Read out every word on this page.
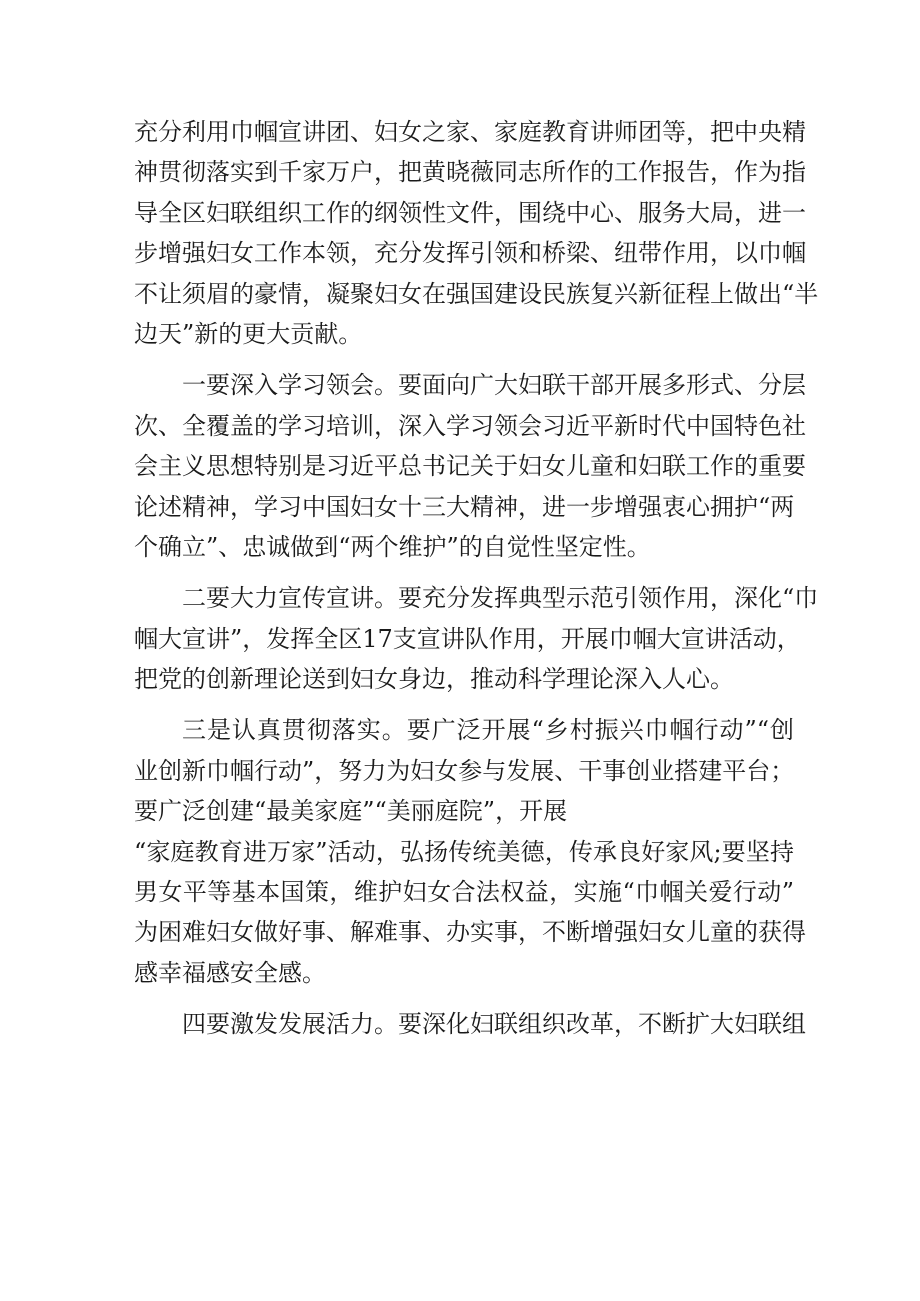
充分利用巾帼宣讲团、妇女之家、家庭教育讲师团等，把中央精
神贯彻落实到千家万户，把黄晓薇同志所作的工作报告，作为指
导全区妇联组织工作的纲领性文件，围绕中心、服务大局，进一
步增强妇女工作本领，充分发挥引领和桥梁、纽带作用，以巾帼
不让须眉的豪情，凝聚妇女在强国建设民族复兴新征程上做出“半
边天”新的更大贡献。
一要深入学习领会。要面向广大妇联干部开展多形式、分层
次、全覆盖的学习培训，深入学习领会习近平新时代中国特色社
会主义思想特别是习近平总书记关于妇女儿童和妇联工作的重要
论述精神，学习中国妇女十三大精神，进一步增强衷心拥护“两
个确立”、忠诚做到“两个维护”的自觉性坚定性。
二要大力宣传宣讲。要充分发挥典型示范引领作用，深化“巾
帼大宣讲”，发挥全区17支宣讲队作用，开展巾帼大宣讲活动，
把党的创新理论送到妇女身边，推动科学理论深入人心。
三是认真贯彻落实。要广泛开展“乡村振兴巾帼行动”“创
业创新巾帼行动”，努力为妇女参与发展、干事创业搭建平台；
要广泛创建“最美家庭”“美丽庭院”，开展
“家庭教育进万家”活动，弘扬传统美德，传承良好家风;要坚持
男女平等基本国策，维护妇女合法权益，实施“巾帼关爱行动”
为困难妇女做好事、解难事、办实事，不断增强妇女儿童的获得
感幸福感安全感。
四要激发发展活力。要深化妇联组织改革，不断扩大妇联组
